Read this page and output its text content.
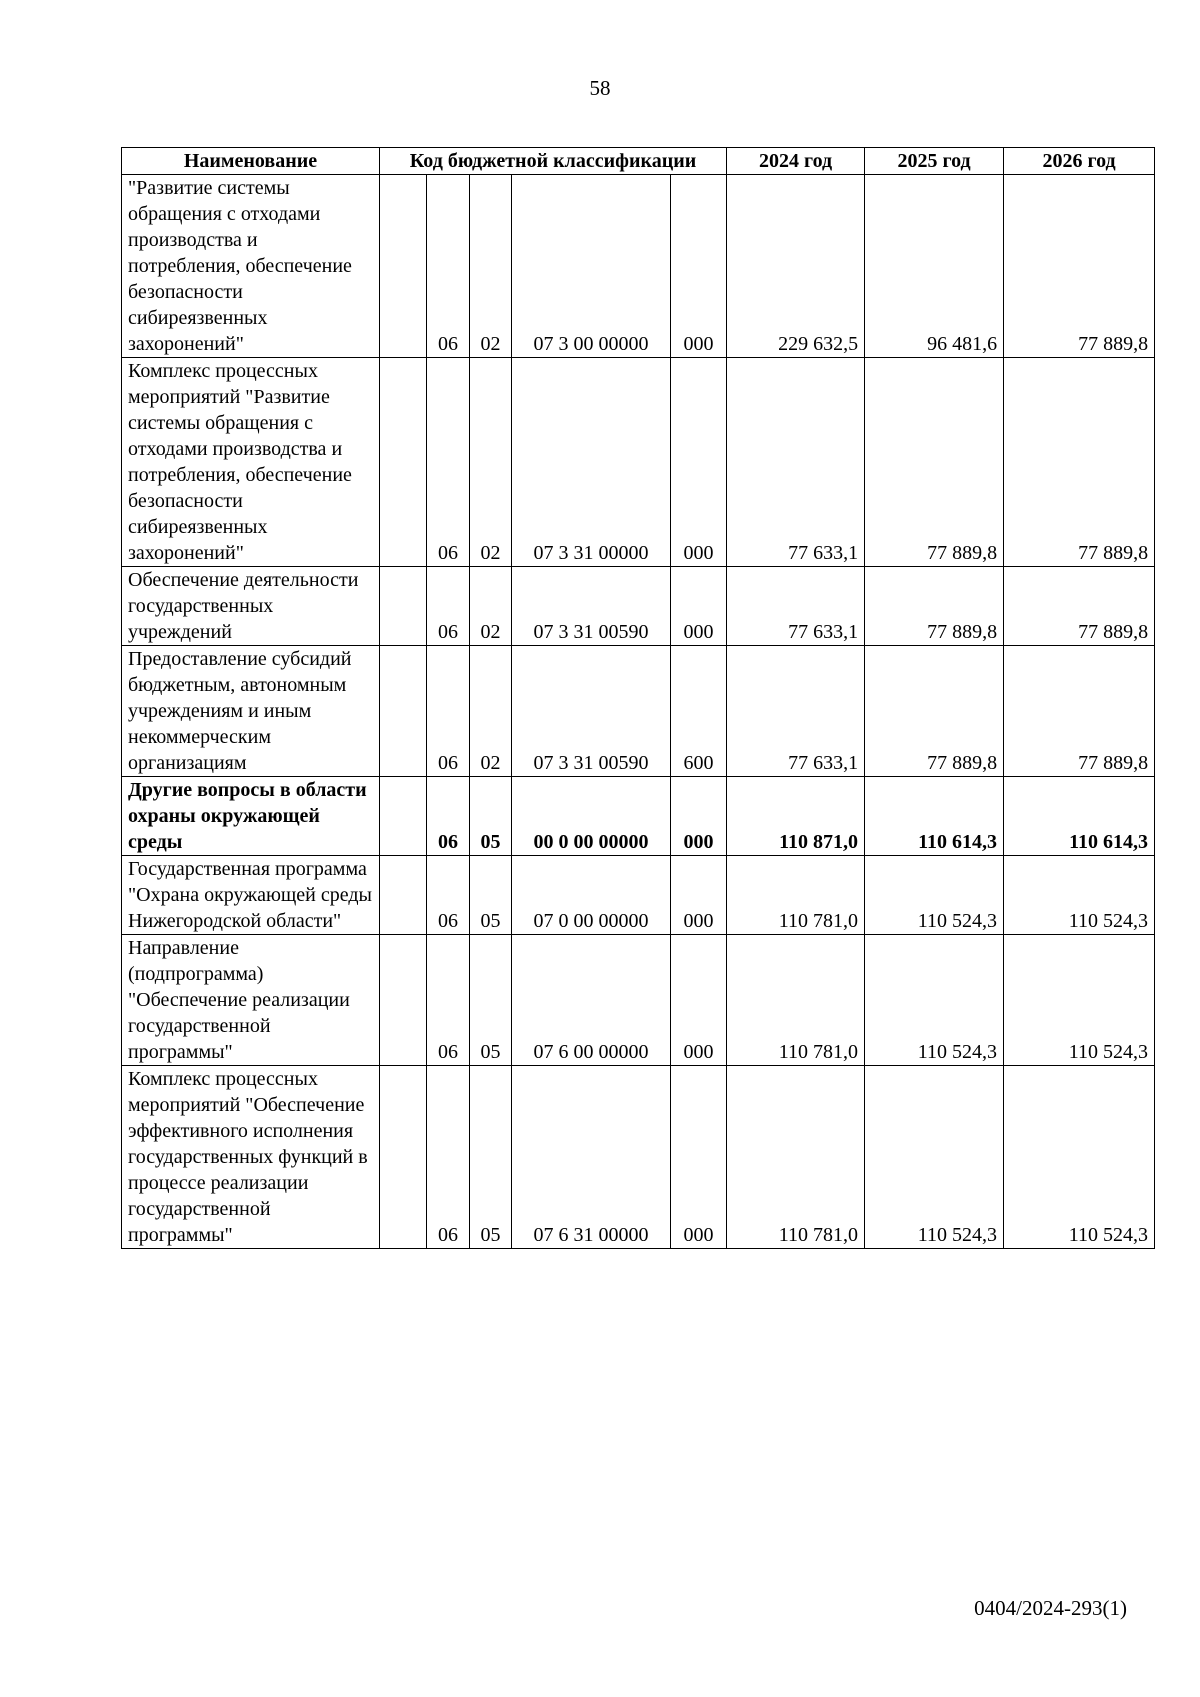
58
Наименование	Код бюджетной классификации					2024 год	2025 год	2026 год
"Развитие системы обращения с отходами производства и потребления, обеспечение безопасности сибиреязвенных захоронений"		06	02	07 3 00 00000	000	229 632,5	96 481,6	77 889,8
Комплекс процессных мероприятий "Развитие системы обращения с отходами производства и потребления, обеспечение безопасности сибиреязвенных захоронений"		06	02	07 3 31 00000	000	77 633,1	77 889,8	77 889,8
Обеспечение деятельности государственных учреждений		06	02	07 3 31 00590	000	77 633,1	77 889,8	77 889,8
Предоставление субсидий бюджетным, автономным учреждениям и иным некоммерческим организациям		06	02	07 3 31 00590	600	77 633,1	77 889,8	77 889,8
Другие вопросы в области охраны окружающей среды		06	05	00 0 00 00000	000	110 871,0	110 614,3	110 614,3
Государственная программа "Охрана окружающей среды Нижегородской области"		06	05	07 0 00 00000	000	110 781,0	110 524,3	110 524,3
Направление (подпрограмма) "Обеспечение реализации государственной программы"		06	05	07 6 00 00000	000	110 781,0	110 524,3	110 524,3
Комплекс процессных мероприятий "Обеспечение эффективного исполнения государственных функций в процессе реализации государственной программы"		06	05	07 6 31 00000	000	110 781,0	110 524,3	110 524,3
0404/2024-293(1)
